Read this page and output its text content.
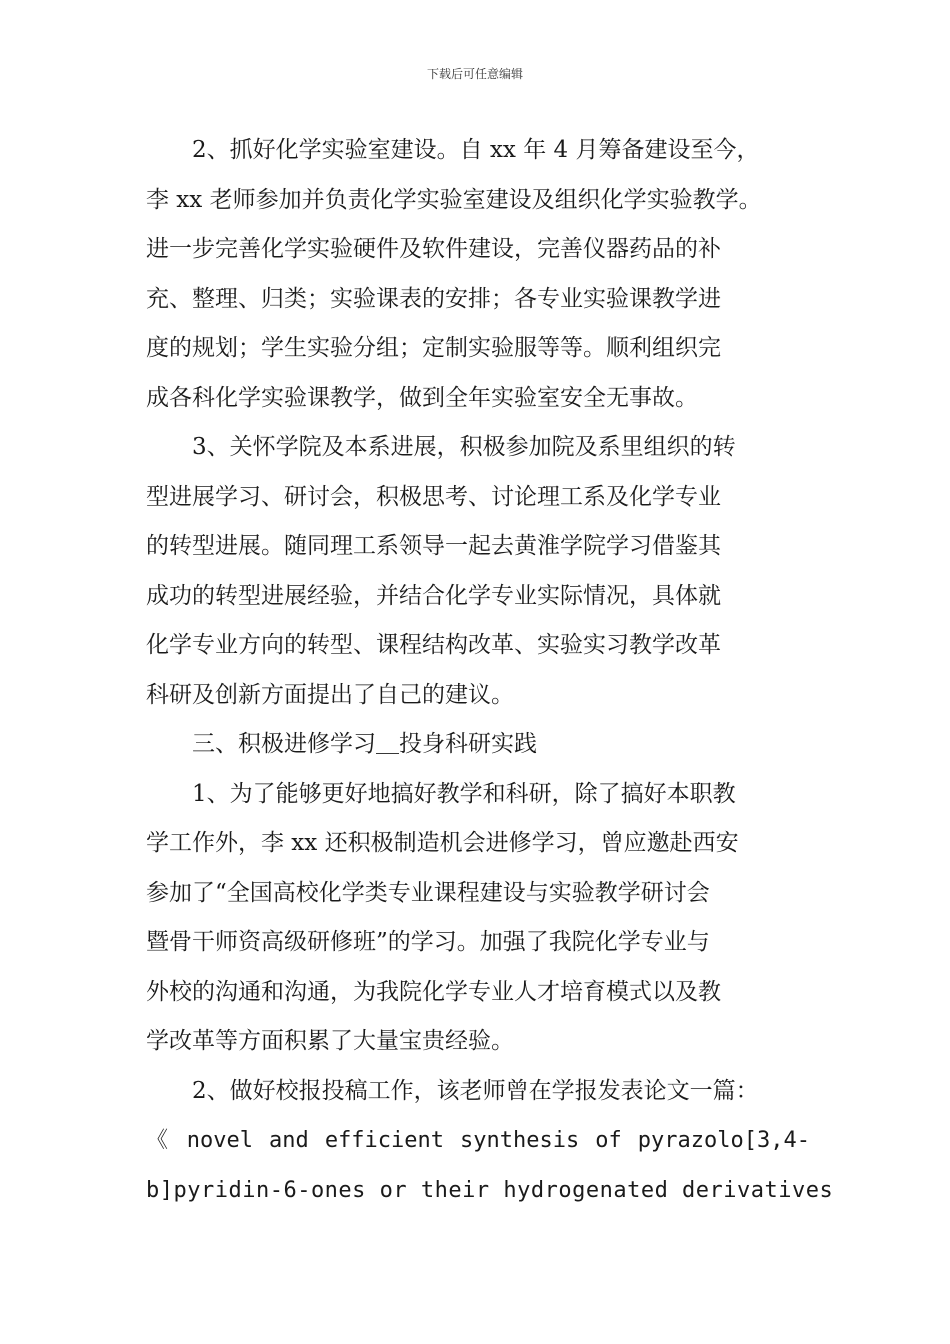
下载后可任意编辑
2、抓好化学实验室建设。自 xx 年 4 月筹备建设至今，
李 xx 老师参加并负责化学实验室建设及组织化学实验教学。
进一步完善化学实验硬件及软件建设，完善仪器药品的补
充、整理、归类；实验课表的安排；各专业实验课教学进
度的规划；学生实验分组；定制实验服等等。顺利组织完
成各科化学实验课教学，做到全年实验室安全无事故。
3、关怀学院及本系进展，积极参加院及系里组织的转
型进展学习、研讨会，积极思考、讨论理工系及化学专业
的转型进展。随同理工系领导一起去黄淮学院学习借鉴其
成功的转型进展经验，并结合化学专业实际情况，具体就
化学专业方向的转型、课程结构改革、实验实习教学改革
科研及创新方面提出了自己的建议。
三、积极进修学习＿投身科研实践
1、为了能够更好地搞好教学和科研，除了搞好本职教
学工作外，李 xx 还积极制造机会进修学习，曾应邀赴西安
参加了“全国高校化学类专业课程建设与实验教学研讨会
暨骨干师资高级研修班”的学习。加强了我院化学专业与
外校的沟通和沟通，为我院化学专业人才培育模式以及教
学改革等方面积累了大量宝贵经验。
2、做好校报投稿工作，该老师曾在学报发表论文一篇：
《 novel and efficient synthesis of pyrazolo[3,4-
b]pyridin-6-ones or their hydrogenated derivatives
